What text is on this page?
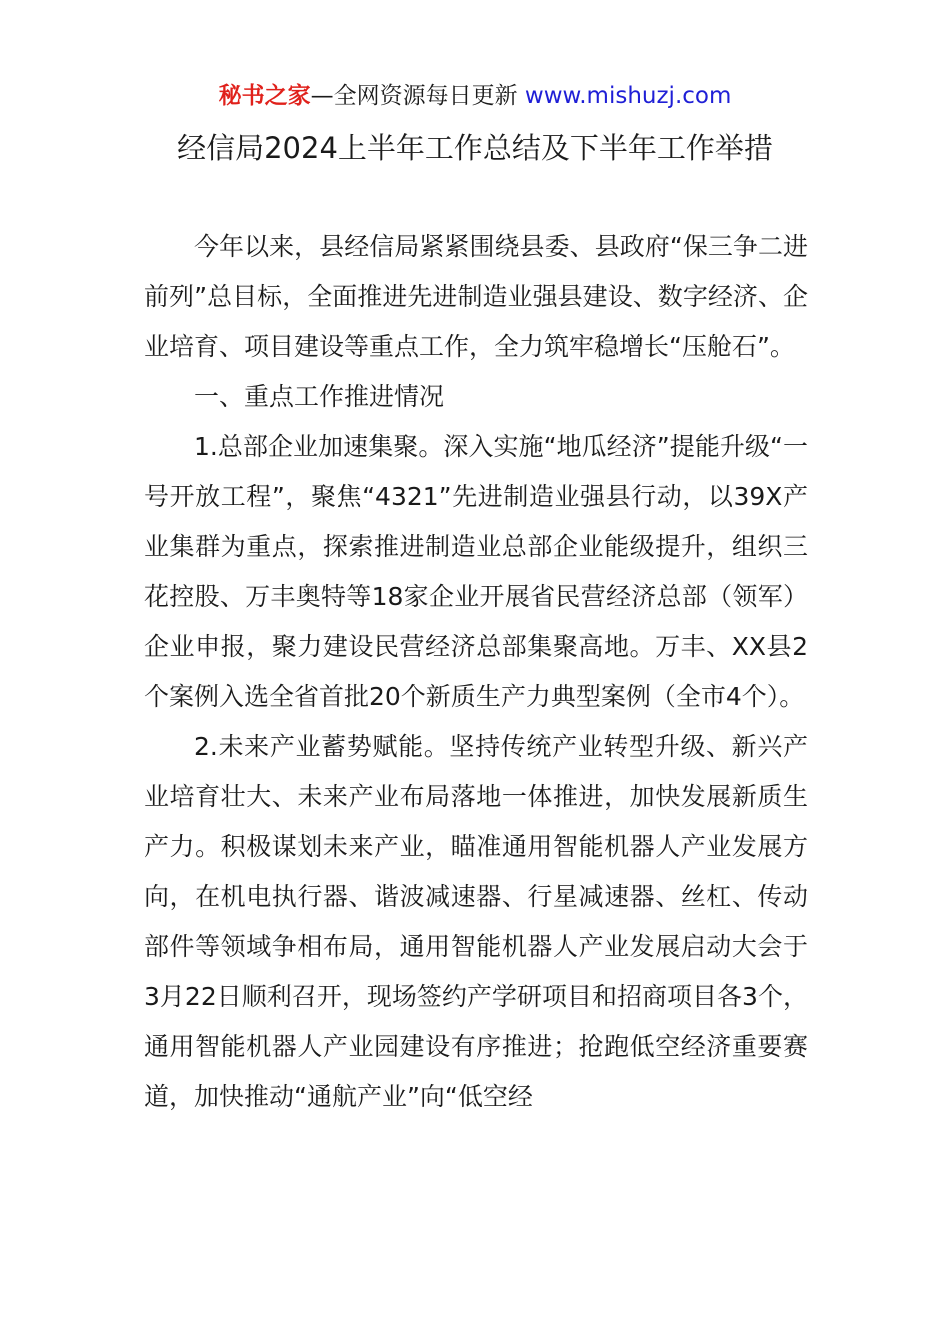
秘书之家—全网资源每日更新 www.mishuzj.com
经信局2024上半年工作总结及下半年工作举措

今年以来，县经信局紧紧围绕县委、县政府“保三争二进前列”总目标，全面推进先进制造业强县建设、数字经济、企业培育、项目建设等重点工作，全力筑牢稳增长“压舱石”。

一、重点工作推进情况

1.总部企业加速集聚。深入实施“地瓜经济”提能升级“一号开放工程”，聚焦“4321”先进制造业强县行动，以39X产业集群为重点，探索推进制造业总部企业能级提升，组织三花控股、万丰奥特等18家企业开展省民营经济总部（领军）企业申报，聚力建设民营经济总部集聚高地。万丰、XX县2个案例入选全省首批20个新质生产力典型案例（全市4个）。

2.未来产业蓄势赋能。坚持传统产业转型升级、新兴产业培育壮大、未来产业布局落地一体推进，加快发展新质生产力。积极谋划未来产业，瞄准通用智能机器人产业发展方向，在机电执行器、谐波减速器、行星减速器、丝杠、传动部件等领域争相布局，通用智能机器人产业发展启动大会于3月22日顺利召开，现场签约产学研项目和招商项目各3个，通用智能机器人产业园建设有序推进；抢跑低空经济重要赛道，加快推动“通航产业”向“低空经
